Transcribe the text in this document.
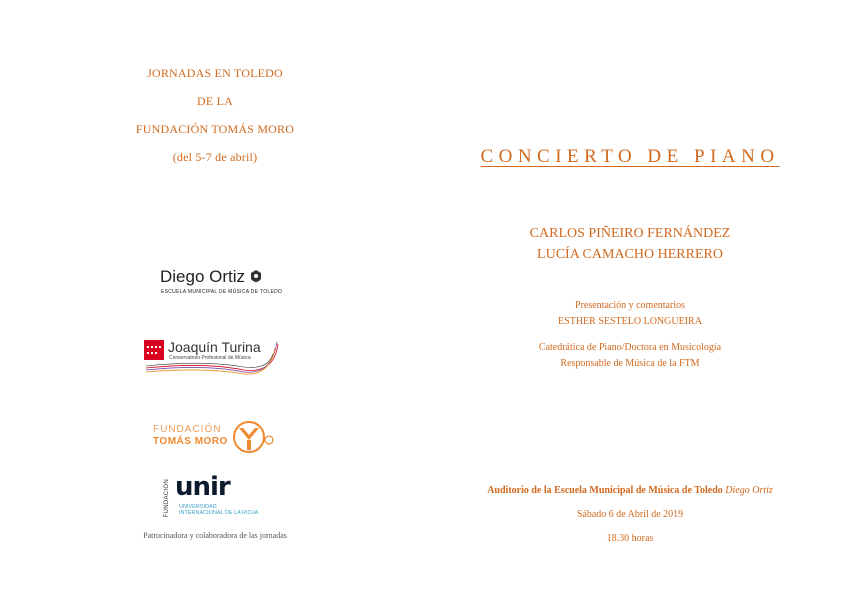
JORNADAS EN TOLEDO
DE LA
FUNDACIÓN TOMÁS MORO
(del 5-7 de abril)
Diego Ortiz
ESCUELA MUNICIPAL DE MÚSICA DE TOLEDO
Joaquín Turina
Conservatorio Profesional de Música
FUNDACIÓN
TOMÁS MORO
FUNDACIÓN unir
UNIVERSIDAD INTERNACIONAL DE LA RIOJA
Patrocinadora y colaboradora de las jornadas
CONCIERTO DE PIANO
CARLOS PIÑEIRO FERNÁNDEZ
LUCÍA CAMACHO HERRERO
Presentación y comentarios
ESTHER SESTELO LONGUEIRA
Catedrática de Piano/Doctora en Musicología
Responsable de Música de la FTM
Auditorio de la Escuela Municipal de Música de Toledo Diego Ortiz
Sábado 6 de Abril de 2019
18.30 horas
